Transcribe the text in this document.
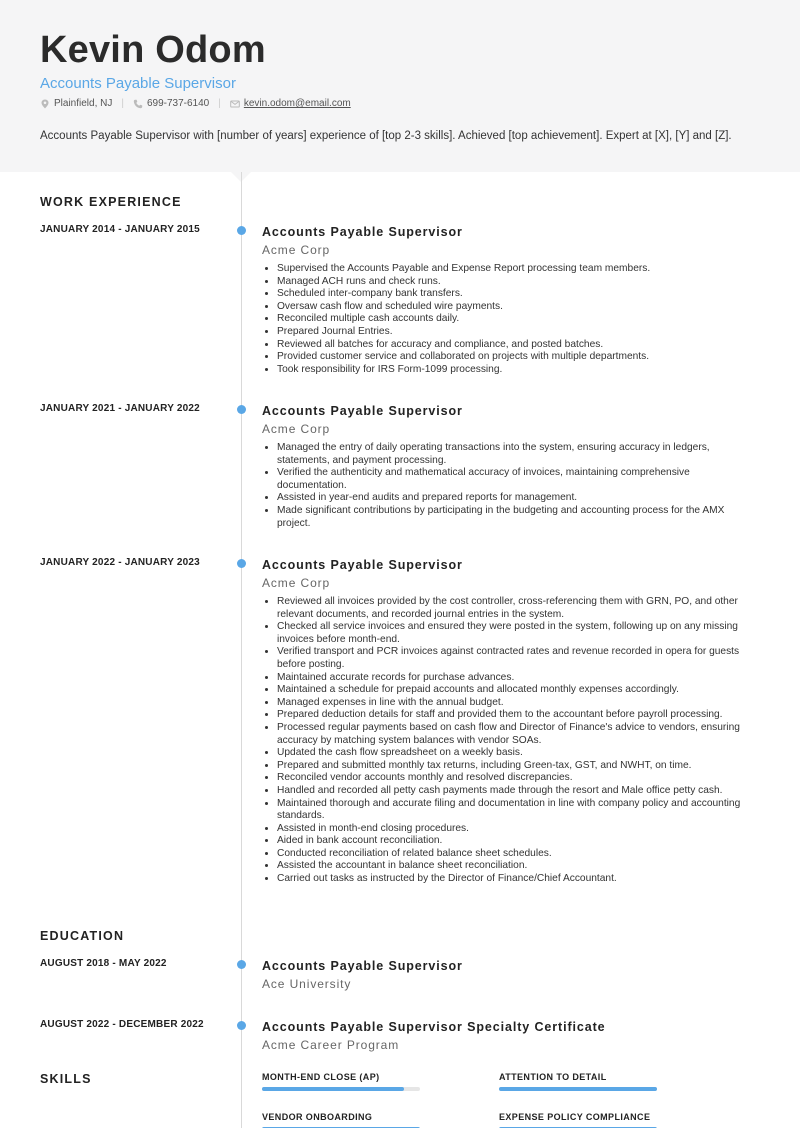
Kevin Odom
Accounts Payable Supervisor
Plainfield, NJ | 699-737-6140 | kevin.odom@email.com
Accounts Payable Supervisor with [number of years] experience of [top 2-3 skills]. Achieved [top achievement]. Expert at [X], [Y] and [Z].
WORK EXPERIENCE
JANUARY 2014 - JANUARY 2015	Accounts Payable Supervisor
Acme Corp
• Supervised the Accounts Payable and Expense Report processing team members.
• Managed ACH runs and check runs.
• Scheduled inter-company bank transfers.
• Oversaw cash flow and scheduled wire payments.
• Reconciled multiple cash accounts daily.
• Prepared Journal Entries.
• Reviewed all batches for accuracy and compliance, and posted batches.
• Provided customer service and collaborated on projects with multiple departments.
• Took responsibility for IRS Form-1099 processing.
JANUARY 2021 - JANUARY 2022	Accounts Payable Supervisor
Acme Corp
• Managed the entry of daily operating transactions into the system, ensuring accuracy in ledgers, statements, and payment processing.
• Verified the authenticity and mathematical accuracy of invoices, maintaining comprehensive documentation.
• Assisted in year-end audits and prepared reports for management.
• Made significant contributions by participating in the budgeting and accounting process for the AMX project.
JANUARY 2022 - JANUARY 2023	Accounts Payable Supervisor
Acme Corp
• Reviewed all invoices provided by the cost controller, cross-referencing them with GRN, PO, and other relevant documents, and recorded journal entries in the system.
• Checked all service invoices and ensured they were posted in the system, following up on any missing invoices before month-end.
• Verified transport and PCR invoices against contracted rates and revenue recorded in opera for guests before posting.
• Maintained accurate records for purchase advances.
• Maintained a schedule for prepaid accounts and allocated monthly expenses accordingly.
• Managed expenses in line with the annual budget.
• Prepared deduction details for staff and provided them to the accountant before payroll processing.
• Processed regular payments based on cash flow and Director of Finance's advice to vendors, ensuring accuracy by matching system balances with vendor SOAs.
• Updated the cash flow spreadsheet on a weekly basis.
• Prepared and submitted monthly tax returns, including Green-tax, GST, and NWHT, on time.
• Reconciled vendor accounts monthly and resolved discrepancies.
• Handled and recorded all petty cash payments made through the resort and Male office petty cash.
• Maintained thorough and accurate filing and documentation in line with company policy and accounting standards.
• Assisted in month-end closing procedures.
• Aided in bank account reconciliation.
• Conducted reconciliation of related balance sheet schedules.
• Assisted the accountant in balance sheet reconciliation.
• Carried out tasks as instructed by the Director of Finance/Chief Accountant.
EDUCATION
AUGUST 2018 - MAY 2022	Accounts Payable Supervisor
Ace University
AUGUST 2022 - DECEMBER 2022	Accounts Payable Supervisor Specialty Certificate
Acme Career Program
SKILLS	MONTH-END CLOSE (AP)	ATTENTION TO DETAIL
VENDOR ONBOARDING	EXPENSE POLICY COMPLIANCE
